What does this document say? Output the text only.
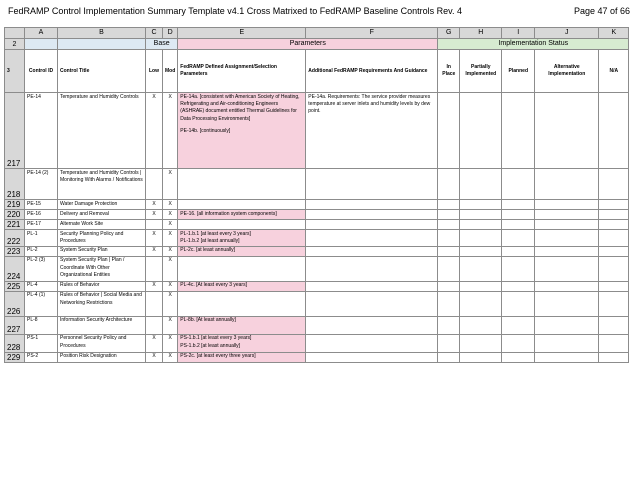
FedRAMP Control Implementation Summary Template v4.1 Cross Matrixed to FedRAMP Baseline Controls Rev. 4	Page 47 of 66
	A	B	C	D	E	F	G	H	I	J	K
2			Base		Parameters		Implementation Status				
3	Control ID	Control Title	Low	Mod	FedRAMP Defined Assignment/Selection Parameters	Additional FedRAMP Requirements And Guidance	In Place	Partially Implemented	Planned	Alternative Implementation	N/A
217	PE-14	Temperature and Humidity Controls	X	X	PE-14a. [consistent with American Society of Heating, Refrigerating and Air-conditioning Engineers (ASHRAE) document entitled Thermal Guidelines for Data Processing Environments]
PE-14b. [continuously]	PE-14a. Requirements: The service provider measures temperature at server inlets and humidity levels by dew point.					
218	PE-14 (2)	Temperature and Humidity Controls | Monitoring With Alarms / Notifications		X							
219	PE-15	Water Damage Protection	X	X							
220	PE-16	Delivery and Removal	X	X	PE-16. [all information system components]						

221	PE-17	Alternate Work Site		X							
222	PL-1	Security Planning Policy and Procedures	X	X	PL-1.b.1 [at least every 3 years]
PL-1.b.2 [at least annually]						

223	PL-2	System Security Plan	X	X	PL-2c. [at least annually]						

224	PL-2 (3)	System Security Plan | Plan / Coordinate With Other Organizational Entities		X							
225	PL-4	Rules of Behavior	X	X	PL-4c. [At least every 3 years]						

226	PL-4 (1)	Rules of Behavior | Social Media and Networking Restrictions		X							
227	PL-8	Information Security Architecture		X	PL-8b. [At least annually]						

228	PS-1	Personnel Security Policy and Procedures	X	X	PS-1.b.1 [at least every 3 years]
PS-1.b.2 [at least annually]						

229	PS-2	Position Risk Designation	X	X	PS-2c. [at least every three years]						
